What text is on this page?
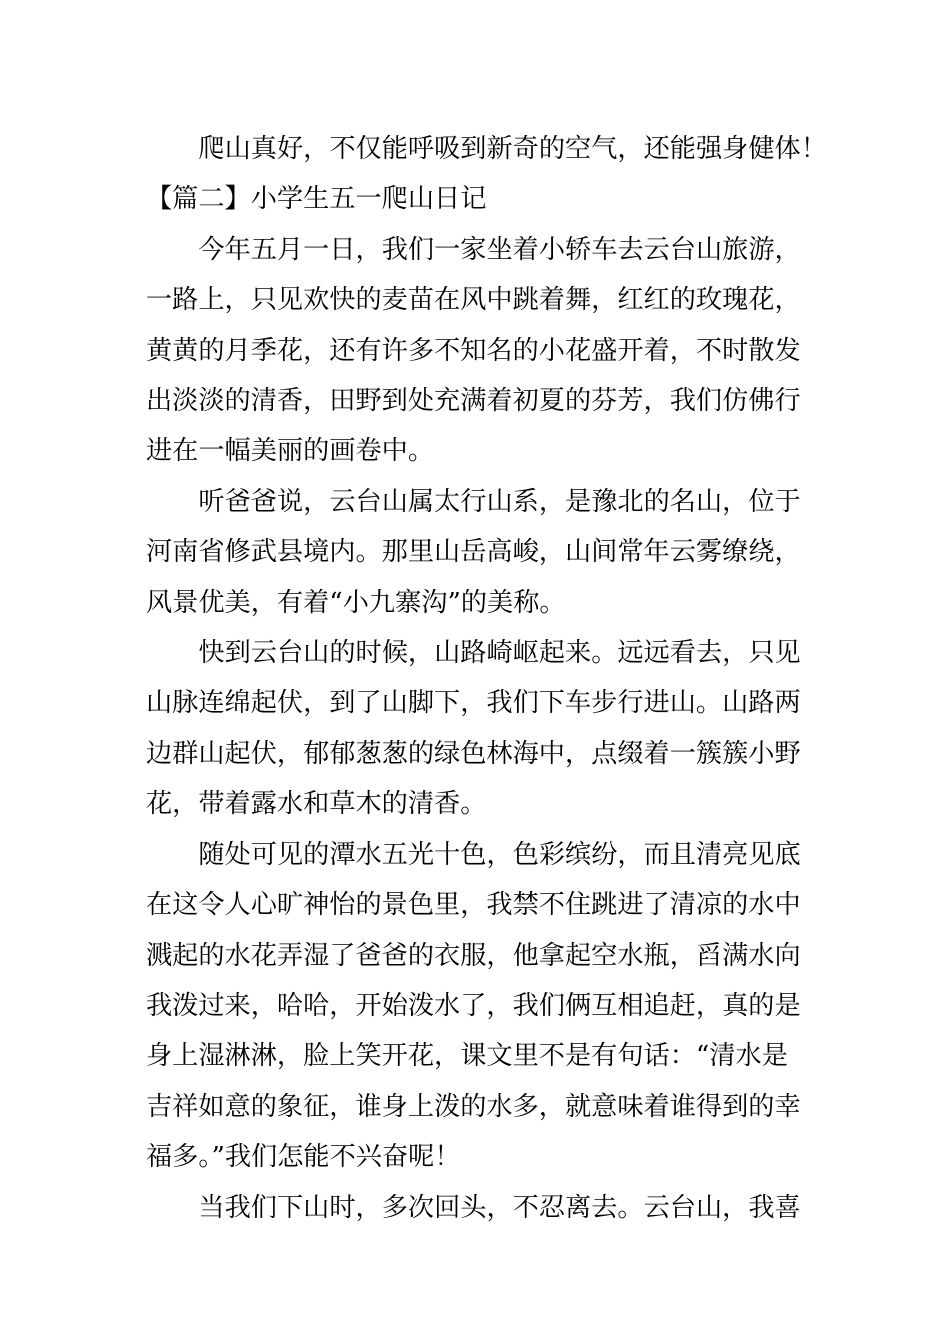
爬山真好，不仅能呼吸到新奇的空气，还能强身健体！

【篇二】小学生五一爬山日记

今年五月一日，我们一家坐着小轿车去云台山旅游，
一路上，只见欢快的麦苗在风中跳着舞，红红的玫瑰花，
黄黄的月季花，还有许多不知名的小花盛开着，不时散发
出淡淡的清香，田野到处充满着初夏的芬芳，我们仿佛行
进在一幅美丽的画卷中。

听爸爸说，云台山属太行山系，是豫北的名山，位于
河南省修武县境内。那里山岳高峻，山间常年云雾缭绕，
风景优美，有着“小九寨沟”的美称。

快到云台山的时候，山路崎岖起来。远远看去，只见
山脉连绵起伏，到了山脚下，我们下车步行进山。山路两
边群山起伏，郁郁葱葱的绿色林海中，点缀着一簇簇小野
花，带着露水和草木的清香。

随处可见的潭水五光十色，色彩缤纷，而且清亮见底
在这令人心旷神怡的景色里，我禁不住跳进了清凉的水中
溅起的水花弄湿了爸爸的衣服，他拿起空水瓶，舀满水向
我泼过来，哈哈，开始泼水了，我们俩互相追赶，真的是
身上湿淋淋，脸上笑开花，课文里不是有句话：“清水是
吉祥如意的象征，谁身上泼的水多，就意味着谁得到的幸
福多。”我们怎能不兴奋呢！

当我们下山时，多次回头，不忍离去。云台山，我喜
